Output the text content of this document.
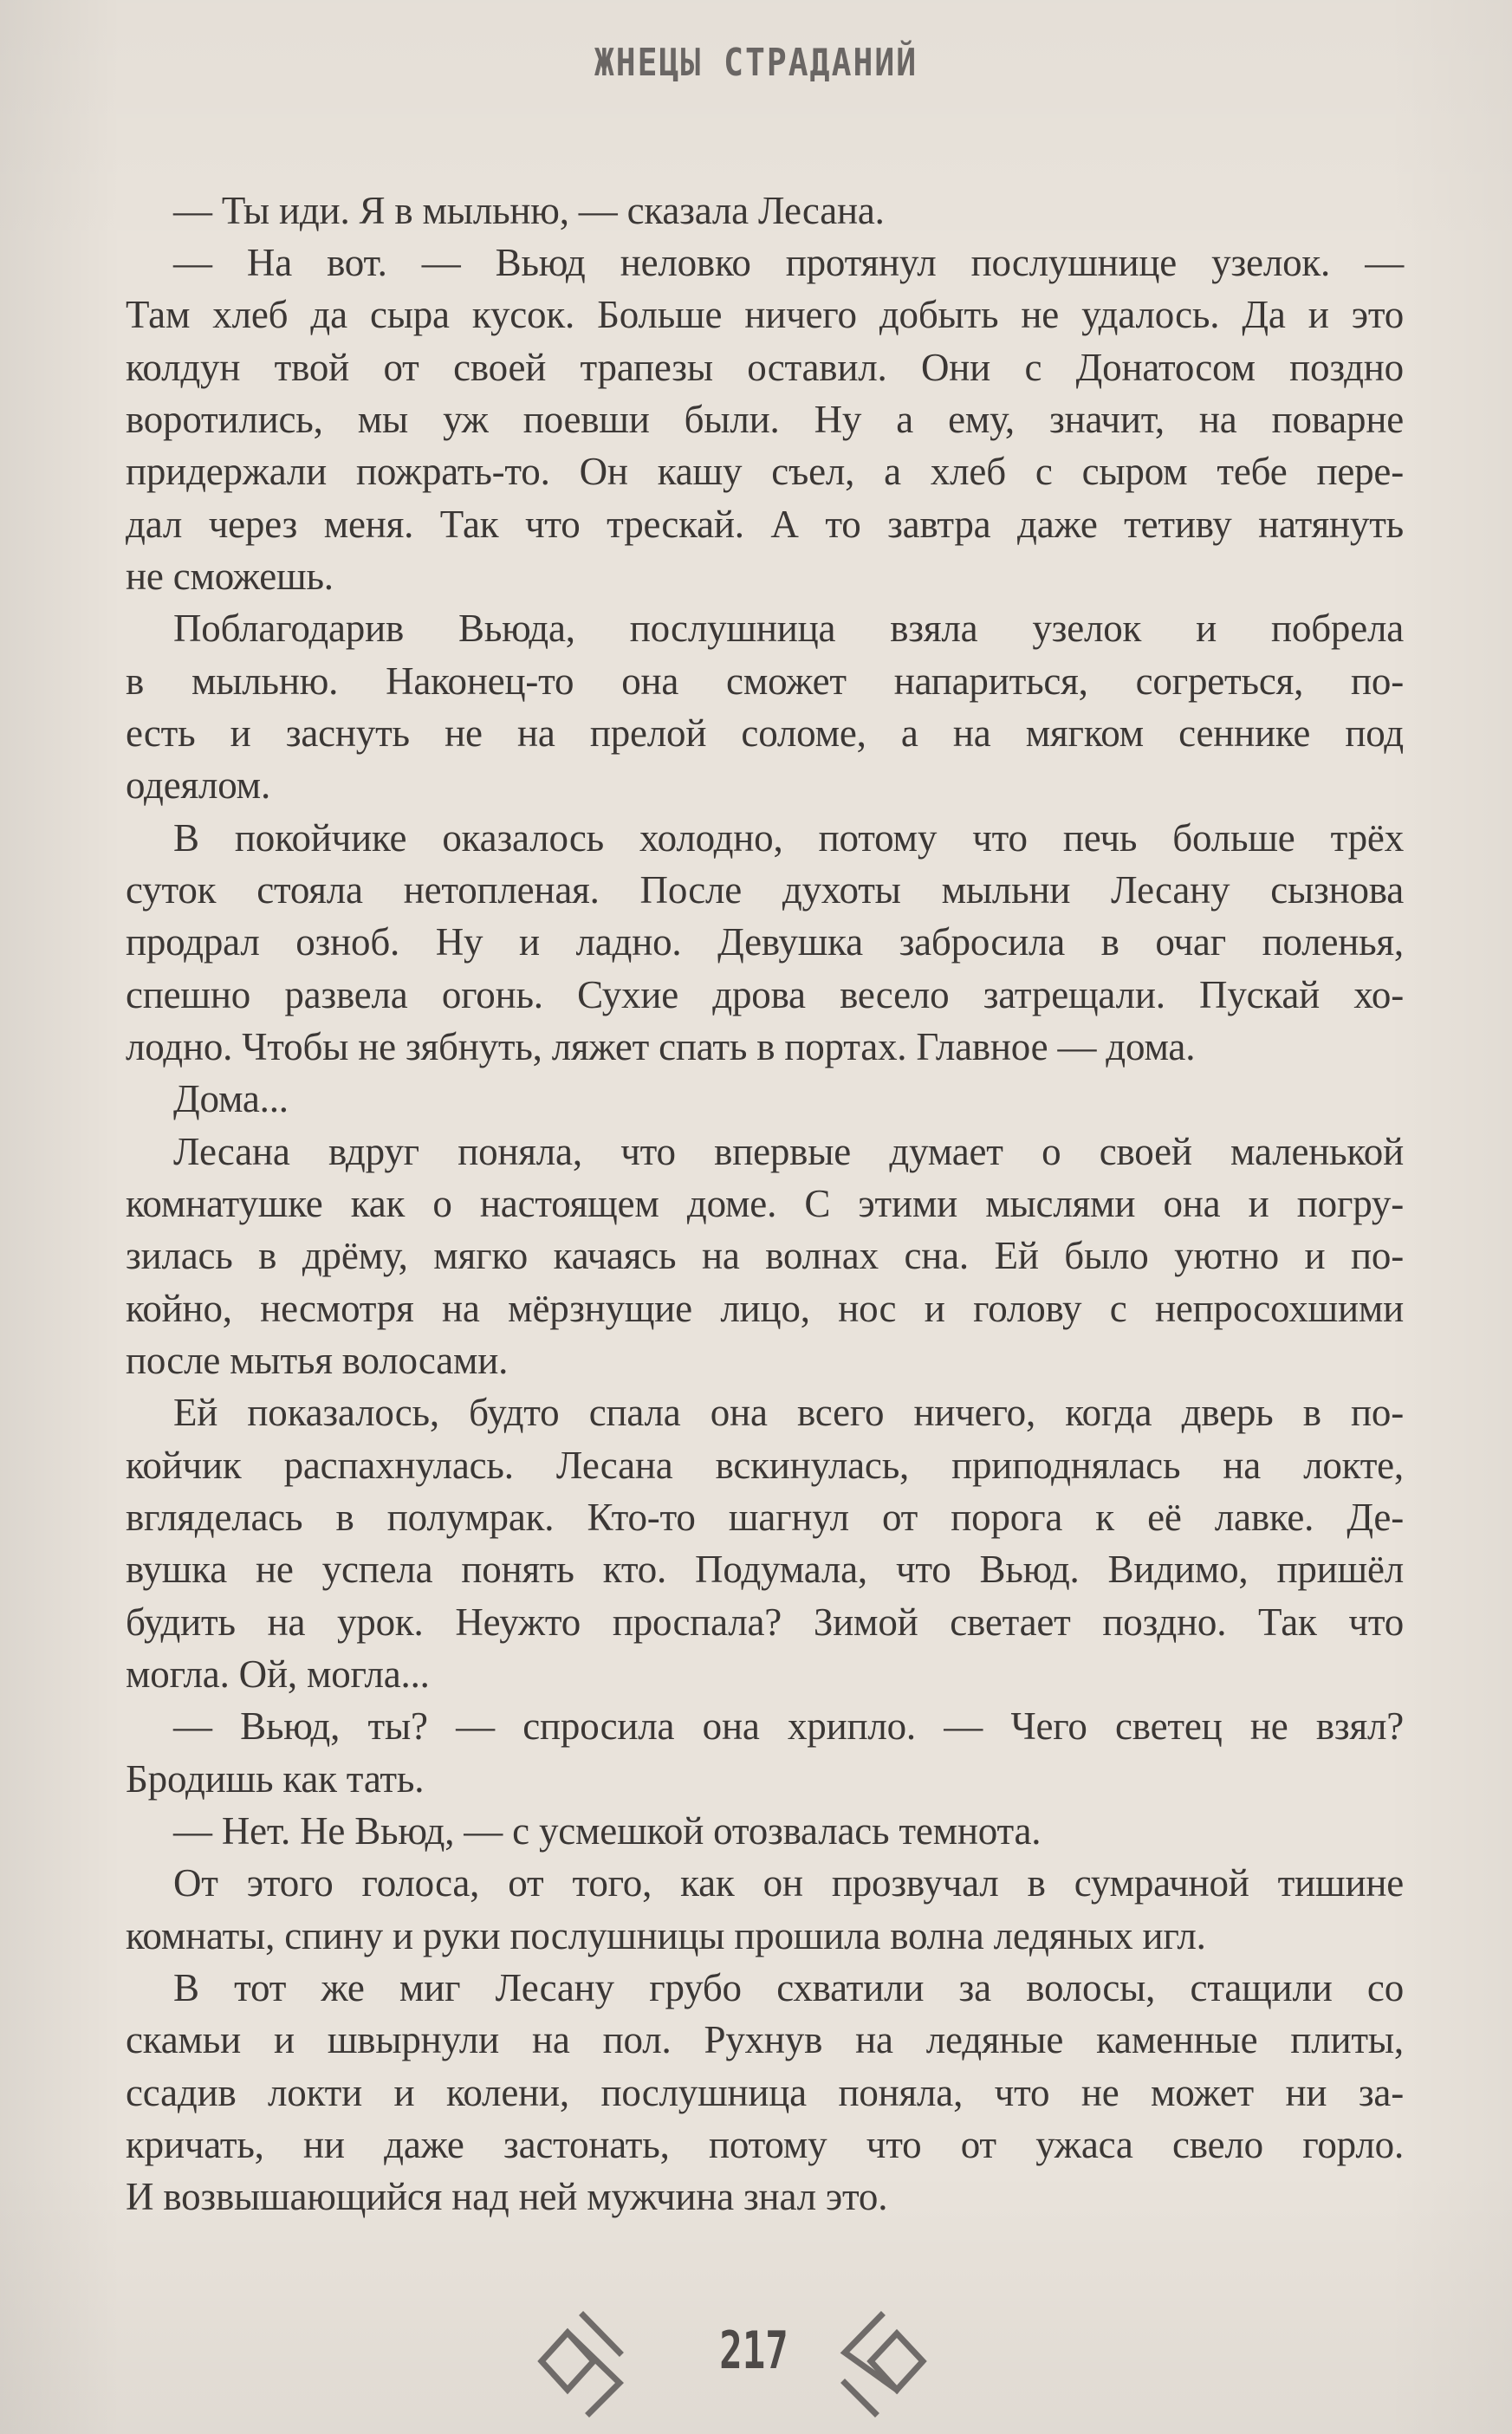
ЖНЕЦЫ СТРАДАНИЙ
— Ты иди. Я в мыльню, — сказала Лесана.
— На вот. — Вьюд неловко протянул послушнице узелок. —
Там хлеб да сыра кусок. Больше ничего добыть не удалось. Да и это
колдун твой от своей трапезы оставил. Они с Донатосом поздно
воротились, мы уж поевши были. Ну а ему, значит, на поварне
придержали пожрать-то. Он кашу съел, а хлеб с сыром тебе пере-
дал через меня. Так что трескай. А то завтра даже тетиву натянуть
не сможешь.
Поблагодарив Вьюда, послушница взяла узелок и побрела
в мыльню. Наконец-то она сможет напариться, согреться, по-
есть и заснуть не на прелой соломе, а на мягком сеннике под
одеялом.
В покойчике оказалось холодно, потому что печь больше трёх
суток стояла нетопленая. После духоты мыльни Лесану сызнова
продрал озноб. Ну и ладно. Девушка забросила в очаг поленья,
спешно развела огонь. Сухие дрова весело затрещали. Пускай хо-
лодно. Чтобы не зябнуть, ляжет спать в портах. Главное — дома.
Дома...
Лесана вдруг поняла, что впервые думает о своей маленькой
комнатушке как о настоящем доме. С этими мыслями она и погру-
зилась в дрёму, мягко качаясь на волнах сна. Ей было уютно и по-
койно, несмотря на мёрзнущие лицо, нос и голову с непросохшими
после мытья волосами.
Ей показалось, будто спала она всего ничего, когда дверь в по-
койчик распахнулась. Лесана вскинулась, приподнялась на локте,
вгляделась в полумрак. Кто-то шагнул от порога к её лавке. Де-
вушка не успела понять кто. Подумала, что Вьюд. Видимо, пришёл
будить на урок. Неужто проспала? Зимой светает поздно. Так что
могла. Ой, могла...
— Вьюд, ты? — спросила она хрипло. — Чего светец не взял?
Бродишь как тать.
— Нет. Не Вьюд, — с усмешкой отозвалась темнота.
От этого голоса, от того, как он прозвучал в сумрачной тишине
комнаты, спину и руки послушницы прошила волна ледяных игл.
В тот же миг Лесану грубо схватили за волосы, стащили со
скамьи и швырнули на пол. Рухнув на ледяные каменные плиты,
ссадив локти и колени, послушница поняла, что не может ни за-
кричать, ни даже застонать, потому что от ужаса свело горло.
И возвышающийся над ней мужчина знал это.
217
